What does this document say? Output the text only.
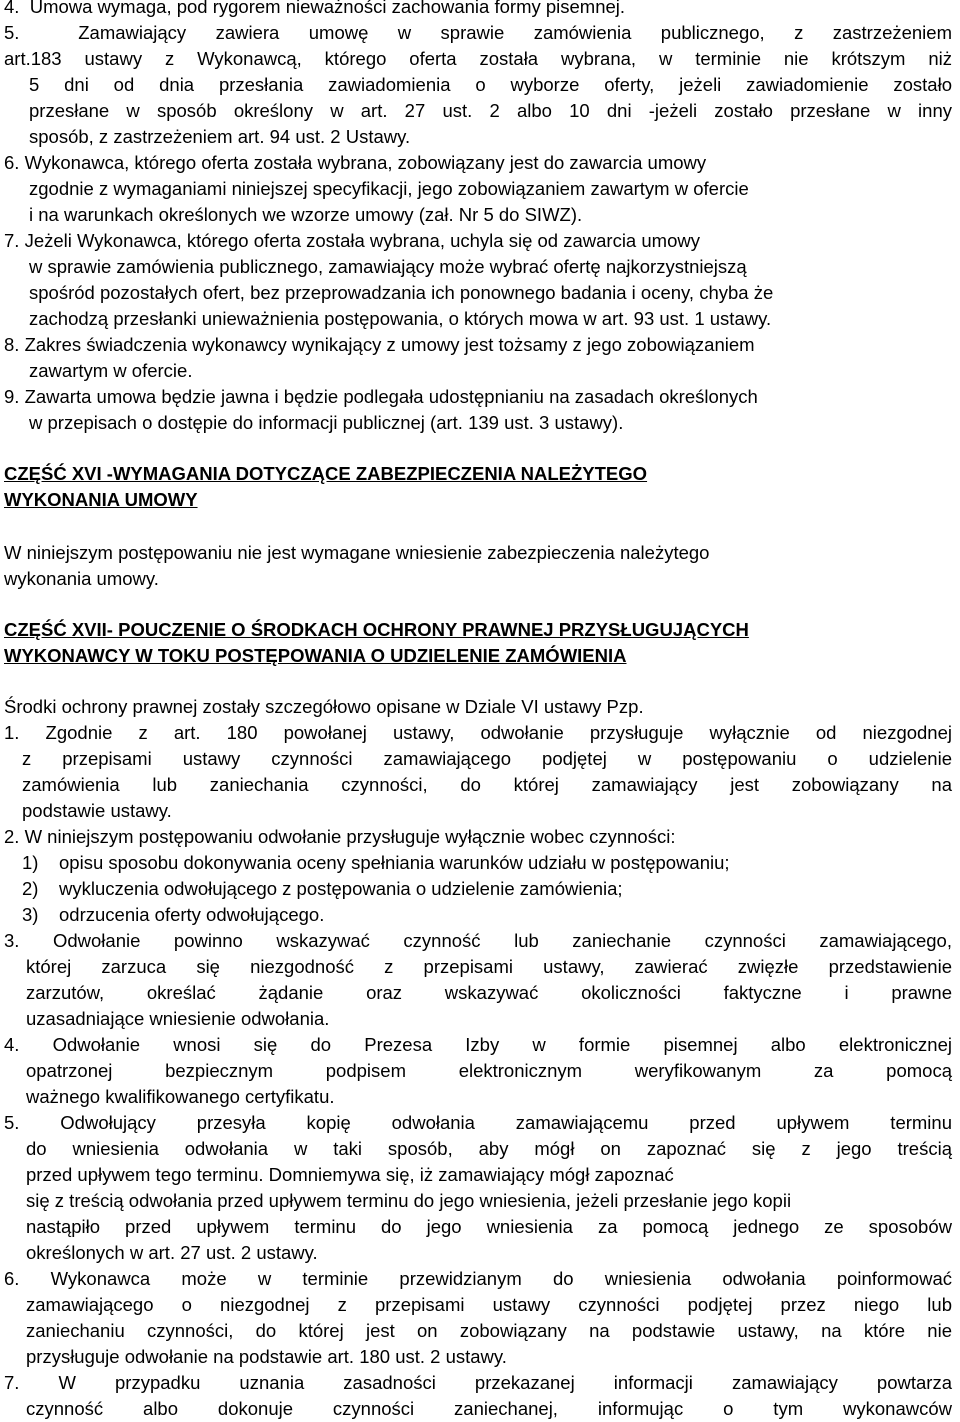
4.  Umowa wymaga, pod rygorem nieważności zachowania formy pisemnej.
5.  Zamawiający zawiera umowę w sprawie zamówienia publicznego, z zastrzeżeniem
art.183 ustawy z Wykonawcą, którego oferta została wybrana, w terminie nie krótszym niż
5 dni od dnia przesłania zawiadomienia o wyborze oferty, jeżeli zawiadomienie zostało
przesłane w sposób określony w art. 27 ust. 2 albo 10 dni -jeżeli zostało przesłane w inny
sposób, z zastrzeżeniem art. 94 ust. 2 Ustawy.
6. Wykonawca, którego oferta została wybrana, zobowiązany jest do zawarcia umowy
zgodnie z wymaganiami niniejszej specyfikacji, jego zobowiązaniem zawartym w ofercie
i na warunkach określonych we wzorze umowy (zał. Nr 5 do SIWZ).
7. Jeżeli Wykonawca, którego oferta została wybrana, uchyla się od zawarcia umowy
w sprawie zamówienia publicznego, zamawiający może wybrać ofertę najkorzystniejszą
spośród pozostałych ofert, bez przeprowadzania ich ponownego badania i oceny, chyba że
zachodzą przesłanki unieważnienia postępowania, o których mowa w art. 93 ust. 1 ustawy.
8. Zakres świadczenia wykonawcy wynikający z umowy jest tożsamy z jego zobowiązaniem
zawartym w ofercie.
9. Zawarta umowa będzie jawna i będzie podlegała udostępnianiu na zasadach określonych
w przepisach o dostępie do informacji publicznej (art. 139 ust. 3 ustawy).
CZĘŚĆ XVI -WYMAGANIA DOTYCZĄCE ZABEZPIECZENIA NALEŻYTEGO
WYKONANIA UMOWY
W niniejszym postępowaniu nie jest wymagane wniesienie zabezpieczenia należytego
wykonania umowy.
CZĘŚĆ XVII- POUCZENIE O ŚRODKACH OCHRONY PRAWNEJ PRZYSŁUGUJĄCYCH
WYKONAWCY W TOKU POSTĘPOWANIA O UDZIELENIE ZAMÓWIENIA
Środki ochrony prawnej zostały szczegółowo opisane w Dziale VI ustawy Pzp.
1. Zgodnie z art. 180 powołanej ustawy, odwołanie przysługuje wyłącznie od niezgodnej
z przepisami ustawy czynności zamawiającego podjętej w postępowaniu o udzielenie
zamówienia lub zaniechania czynności, do której zamawiający jest zobowiązany na
podstawie ustawy.
2. W niniejszym postępowaniu odwołanie przysługuje wyłącznie wobec czynności:
1)    opisu sposobu dokonywania oceny spełniania warunków udziału w postępowaniu;
2)    wykluczenia odwołującego z postępowania o udzielenie zamówienia;
3)    odrzucenia oferty odwołującego.
3. Odwołanie powinno wskazywać czynność lub zaniechanie czynności zamawiającego,
której zarzuca się niezgodność z przepisami ustawy, zawierać zwięzłe przedstawienie
zarzutów, określać żądanie oraz wskazywać okoliczności faktyczne i prawne
uzasadniające wniesienie odwołania.
4. Odwołanie wnosi się do Prezesa Izby w formie pisemnej albo elektronicznej
opatrzonej bezpiecznym podpisem elektronicznym weryfikowanym za pomocą
ważnego kwalifikowanego certyfikatu.
5. Odwołujący przesyła kopię odwołania zamawiającemu przed upływem terminu
do wniesienia odwołania w taki sposób, aby mógł on zapoznać się z jego treścią
przed upływem tego terminu. Domniemywa się, iż zamawiający mógł zapoznać
się z treścią odwołania przed upływem terminu do jego wniesienia, jeżeli przesłanie jego kopii
nastąpiło przed upływem terminu do jego wniesienia za pomocą jednego ze sposobów
określonych w art. 27 ust. 2 ustawy.
6. Wykonawca może w terminie przewidzianym do wniesienia odwołania poinformować
zamawiającego o niezgodnej z przepisami ustawy czynności podjętej przez niego lub
zaniechaniu czynności, do której jest on zobowiązany na podstawie ustawy, na które nie
przysługuje odwołanie na podstawie art. 180 ust. 2 ustawy.
7. W przypadku uznania zasadności przekazanej informacji zamawiający powtarza
czynność albo dokonuje czynności zaniechanej, informując o tym wykonawców
